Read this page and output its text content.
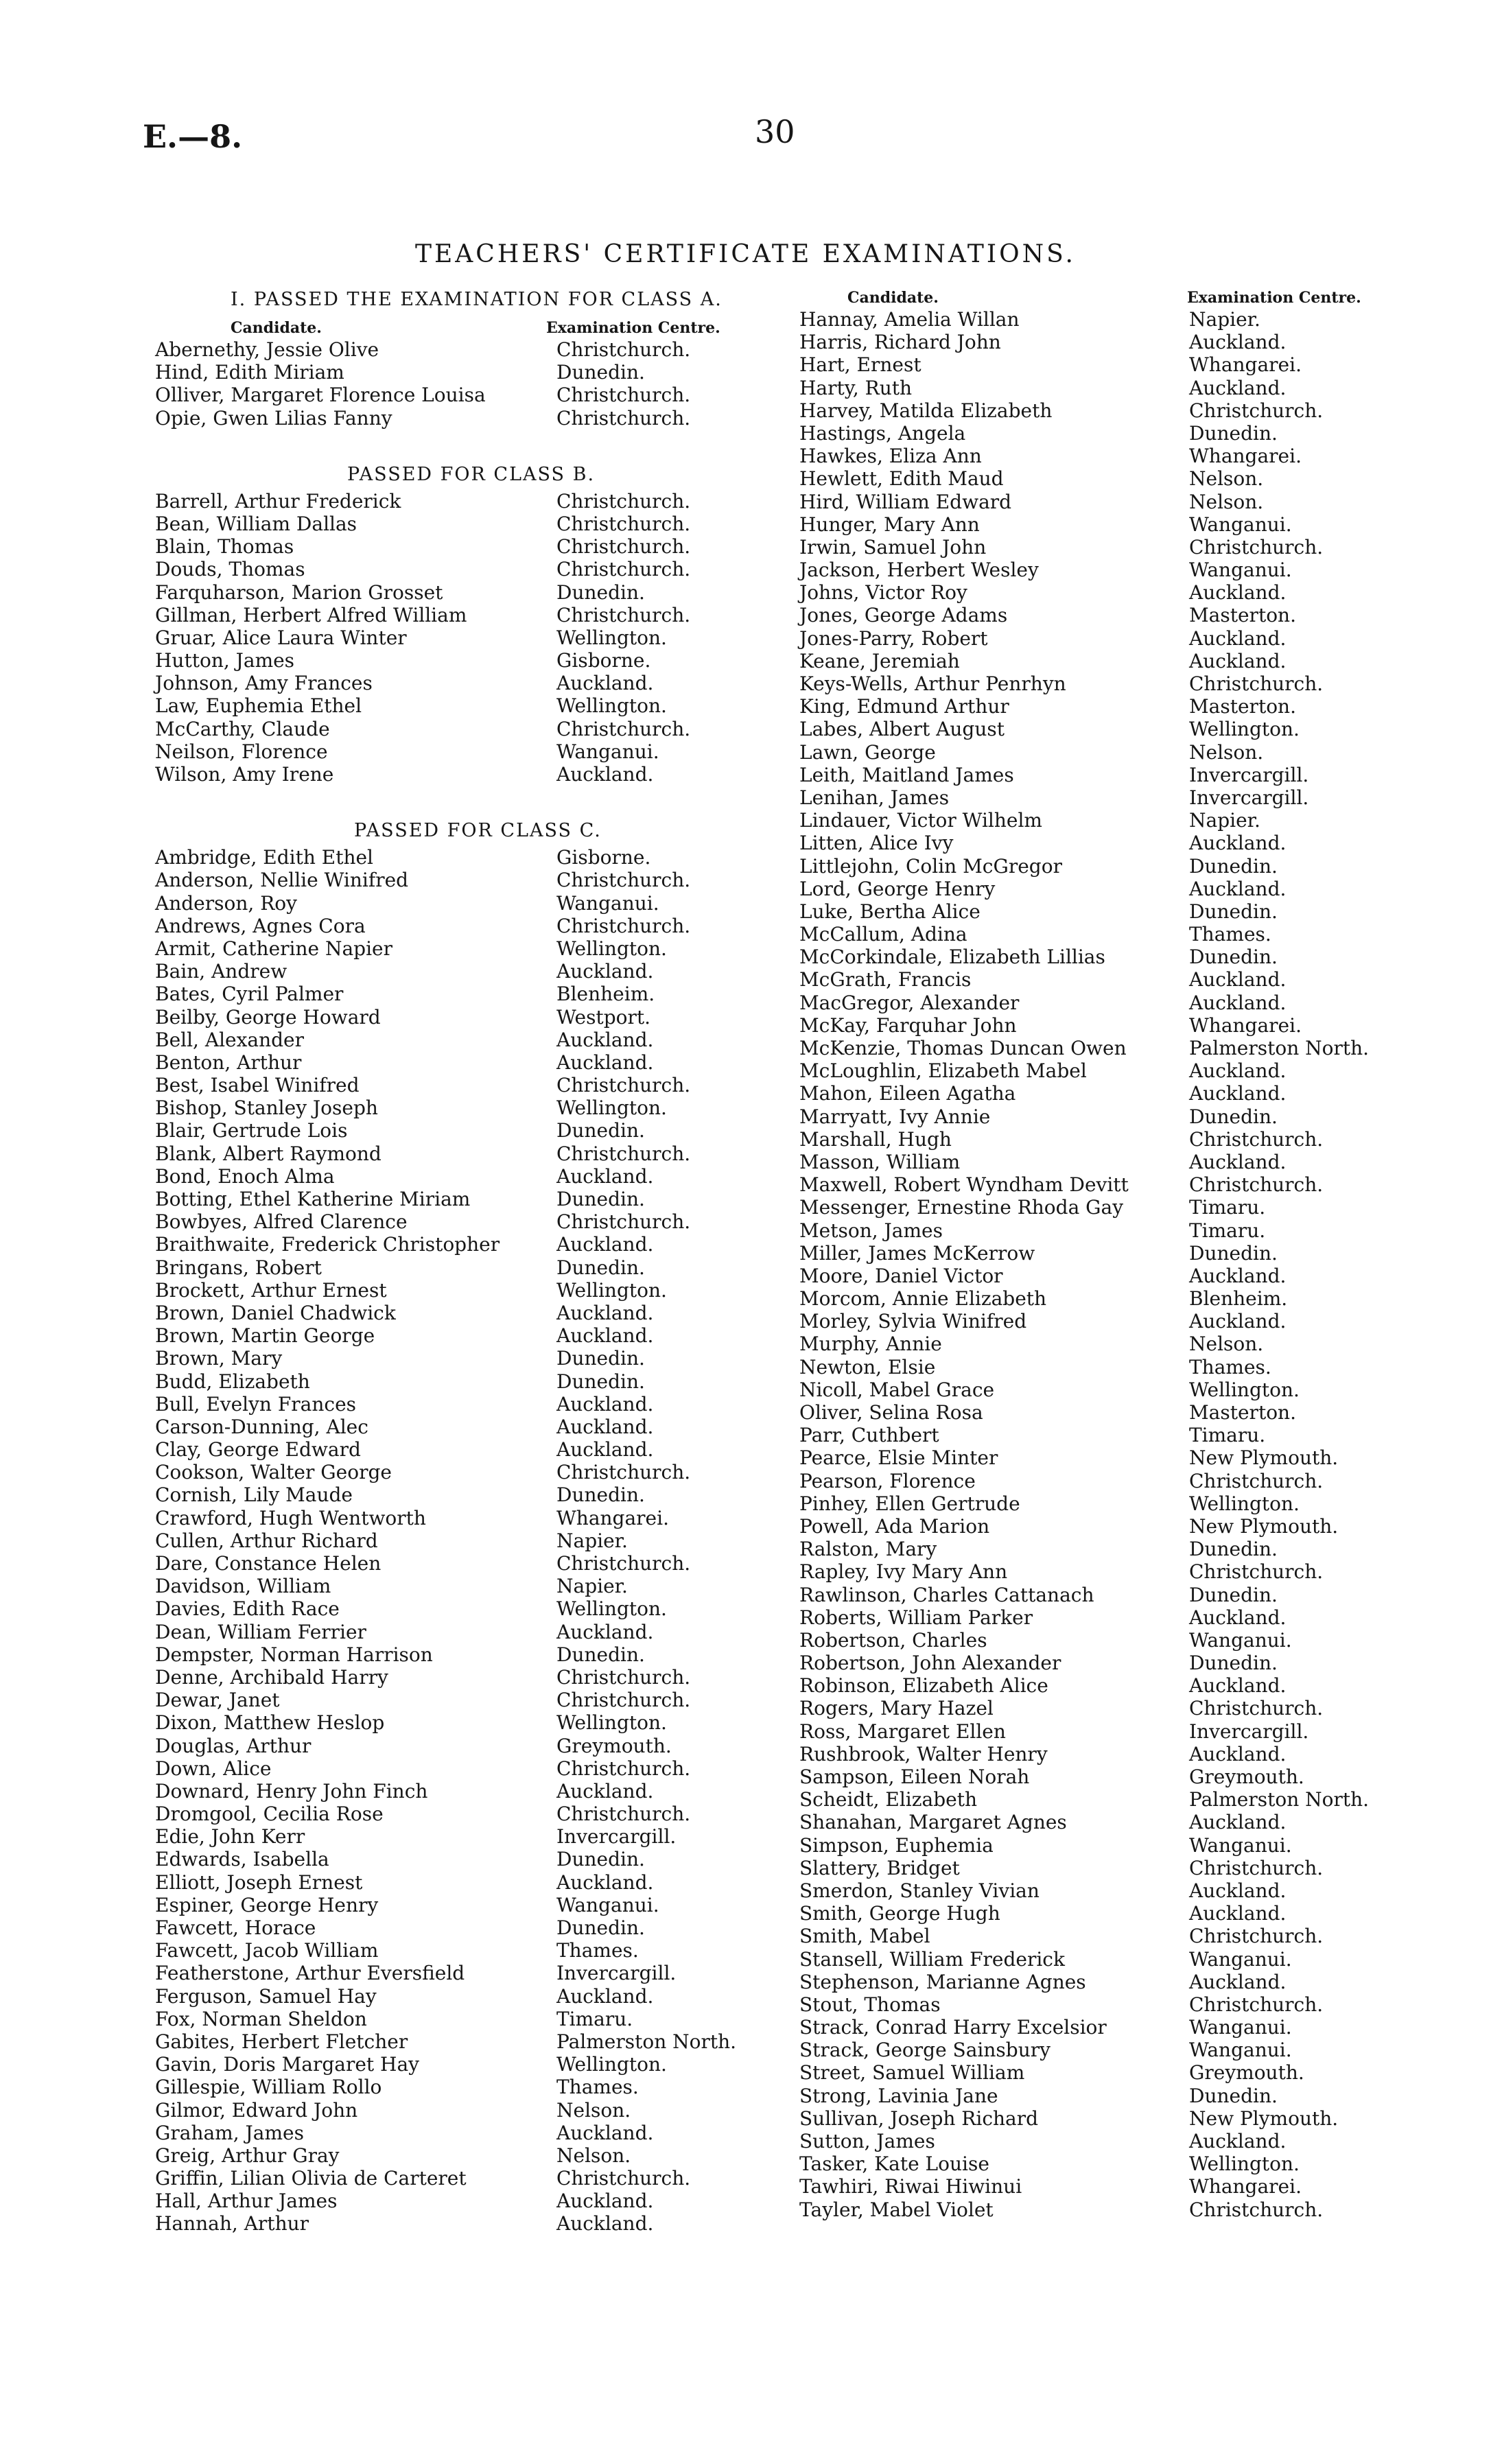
E.—8.	30
TEACHERS' CERTIFICATE EXAMINATIONS.
I. PASSED THE EXAMINATION FOR CLASS A.
Candidate.	Examination Centre.
Abernethy, Jessie Olive	Christchurch.
Hind, Edith Miriam	Dunedin.
Olliver, Margaret Florence Louisa	Christchurch.
Opie, Gwen Lilias Fanny	Christchurch.
PASSED FOR CLASS B.
Barrell, Arthur Frederick	Christchurch.
Bean, William Dallas	Christchurch.
Blain, Thomas	Christchurch.
Douds, Thomas	Christchurch.
Farquharson, Marion Grosset	Dunedin.
Gillman, Herbert Alfred William	Christchurch.
Gruar, Alice Laura Winter	Wellington.
Hutton, James	Gisborne.
Johnson, Amy Frances	Auckland.
Law, Euphemia Ethel	Wellington.
McCarthy, Claude	Christchurch.
Neilson, Florence	Wanganui.
Wilson, Amy Irene	Auckland.
PASSED FOR CLASS C.
Ambridge, Edith Ethel	Gisborne.
Anderson, Nellie Winifred	Christchurch.
Anderson, Roy	Wanganui.
Andrews, Agnes Cora	Christchurch.
Armit, Catherine Napier	Wellington.
Bain, Andrew	Auckland.
Bates, Cyril Palmer	Blenheim.
Beilby, George Howard	Westport.
Bell, Alexander	Auckland.
Benton, Arthur	Auckland.
Best, Isabel Winifred	Christchurch.
Bishop, Stanley Joseph	Wellington.
Blair, Gertrude Lois	Dunedin.
Blank, Albert Raymond	Christchurch.
Bond, Enoch Alma	Auckland.
Botting, Ethel Katherine Miriam	Dunedin.
Bowbyes, Alfred Clarence	Christchurch.
Braithwaite, Frederick Christopher	Auckland.
Bringans, Robert	Dunedin.
Brockett, Arthur Ernest	Wellington.
Brown, Daniel Chadwick	Auckland.
Brown, Martin George	Auckland.
Brown, Mary	Dunedin.
Budd, Elizabeth	Dunedin.
Bull, Evelyn Frances	Auckland.
Carson-Dunning, Alec	Auckland.
Clay, George Edward	Auckland.
Cookson, Walter George	Christchurch.
Cornish, Lily Maude	Dunedin.
Crawford, Hugh Wentworth	Whangarei.
Cullen, Arthur Richard	Napier.
Dare, Constance Helen	Christchurch.
Davidson, William	Napier.
Davies, Edith Race	Wellington.
Dean, William Ferrier	Auckland.
Dempster, Norman Harrison	Dunedin.
Denne, Archibald Harry	Christchurch.
Dewar, Janet	Christchurch.
Dixon, Matthew Heslop	Wellington.
Douglas, Arthur	Greymouth.
Down, Alice	Christchurch.
Downard, Henry John Finch	Auckland.
Dromgool, Cecilia Rose	Christchurch.
Edie, John Kerr	Invercargill.
Edwards, Isabella	Dunedin.
Elliott, Joseph Ernest	Auckland.
Espiner, George Henry	Wanganui.
Fawcett, Horace	Dunedin.
Fawcett, Jacob William	Thames.
Featherstone, Arthur Eversfield	Invercargill.
Ferguson, Samuel Hay	Auckland.
Fox, Norman Sheldon	Timaru.
Gabites, Herbert Fletcher	Palmerston North.
Gavin, Doris Margaret Hay	Wellington.
Gillespie, William Rollo	Thames.
Gilmor, Edward John	Nelson.
Graham, James	Auckland.
Greig, Arthur Gray	Nelson.
Griffin, Lilian Olivia de Carteret	Christchurch.
Hall, Arthur James	Auckland.
Hannah, Arthur	Auckland.
Candidate.	Examination Centre.
Hannay, Amelia Willan	Napier.
Harris, Richard John	Auckland.
Hart, Ernest	Whangarei.
Harty, Ruth	Auckland.
Harvey, Matilda Elizabeth	Christchurch.
Hastings, Angela	Dunedin.
Hawkes, Eliza Ann	Whangarei.
Hewlett, Edith Maud	Nelson.
Hird, William Edward	Nelson.
Hunger, Mary Ann	Wanganui.
Irwin, Samuel John	Christchurch.
Jackson, Herbert Wesley	Wanganui.
Johns, Victor Roy	Auckland.
Jones, George Adams	Masterton.
Jones-Parry, Robert	Auckland.
Keane, Jeremiah	Auckland.
Keys-Wells, Arthur Penrhyn	Christchurch.
King, Edmund Arthur	Masterton.
Labes, Albert August	Wellington.
Lawn, George	Nelson.
Leith, Maitland James	Invercargill.
Lenihan, James	Invercargill.
Lindauer, Victor Wilhelm	Napier.
Litten, Alice Ivy	Auckland.
Littlejohn, Colin McGregor	Dunedin.
Lord, George Henry	Auckland.
Luke, Bertha Alice	Dunedin.
McCallum, Adina	Thames.
McCorkindale, Elizabeth Lillias	Dunedin.
McGrath, Francis	Auckland.
MacGregor, Alexander	Auckland.
McKay, Farquhar John	Whangarei.
McKenzie, Thomas Duncan Owen	Palmerston North.
McLoughlin, Elizabeth Mabel	Auckland.
Mahon, Eileen Agatha	Auckland.
Marryatt, Ivy Annie	Dunedin.
Marshall, Hugh	Christchurch.
Masson, William	Auckland.
Maxwell, Robert Wyndham Devitt	Christchurch.
Messenger, Ernestine Rhoda Gay	Timaru.
Metson, James	Timaru.
Miller, James McKerrow	Dunedin.
Moore, Daniel Victor	Auckland.
Morcom, Annie Elizabeth	Blenheim.
Morley, Sylvia Winifred	Auckland.
Murphy, Annie	Nelson.
Newton, Elsie	Thames.
Nicoll, Mabel Grace	Wellington.
Oliver, Selina Rosa	Masterton.
Parr, Cuthbert	Timaru.
Pearce, Elsie Minter	New Plymouth.
Pearson, Florence	Christchurch.
Pinhey, Ellen Gertrude	Wellington.
Powell, Ada Marion	New Plymouth.
Ralston, Mary	Dunedin.
Rapley, Ivy Mary Ann	Christchurch.
Rawlinson, Charles Cattanach	Dunedin.
Roberts, William Parker	Auckland.
Robertson, Charles	Wanganui.
Robertson, John Alexander	Dunedin.
Robinson, Elizabeth Alice	Auckland.
Rogers, Mary Hazel	Christchurch.
Ross, Margaret Ellen	Invercargill.
Rushbrook, Walter Henry	Auckland.
Sampson, Eileen Norah	Greymouth.
Scheidt, Elizabeth	Palmerston North.
Shanahan, Margaret Agnes	Auckland.
Simpson, Euphemia	Wanganui.
Slattery, Bridget	Christchurch.
Smerdon, Stanley Vivian	Auckland.
Smith, George Hugh	Auckland.
Smith, Mabel	Christchurch.
Stansell, William Frederick	Wanganui.
Stephenson, Marianne Agnes	Auckland.
Stout, Thomas	Christchurch.
Strack, Conrad Harry Excelsior	Wanganui.
Strack, George Sainsbury	Wanganui.
Street, Samuel William	Greymouth.
Strong, Lavinia Jane	Dunedin.
Sullivan, Joseph Richard	New Plymouth.
Sutton, James	Auckland.
Tasker, Kate Louise	Wellington.
Tawhiri, Riwai Hiwinui	Whangarei.
Tayler, Mabel Violet	Christchurch.
